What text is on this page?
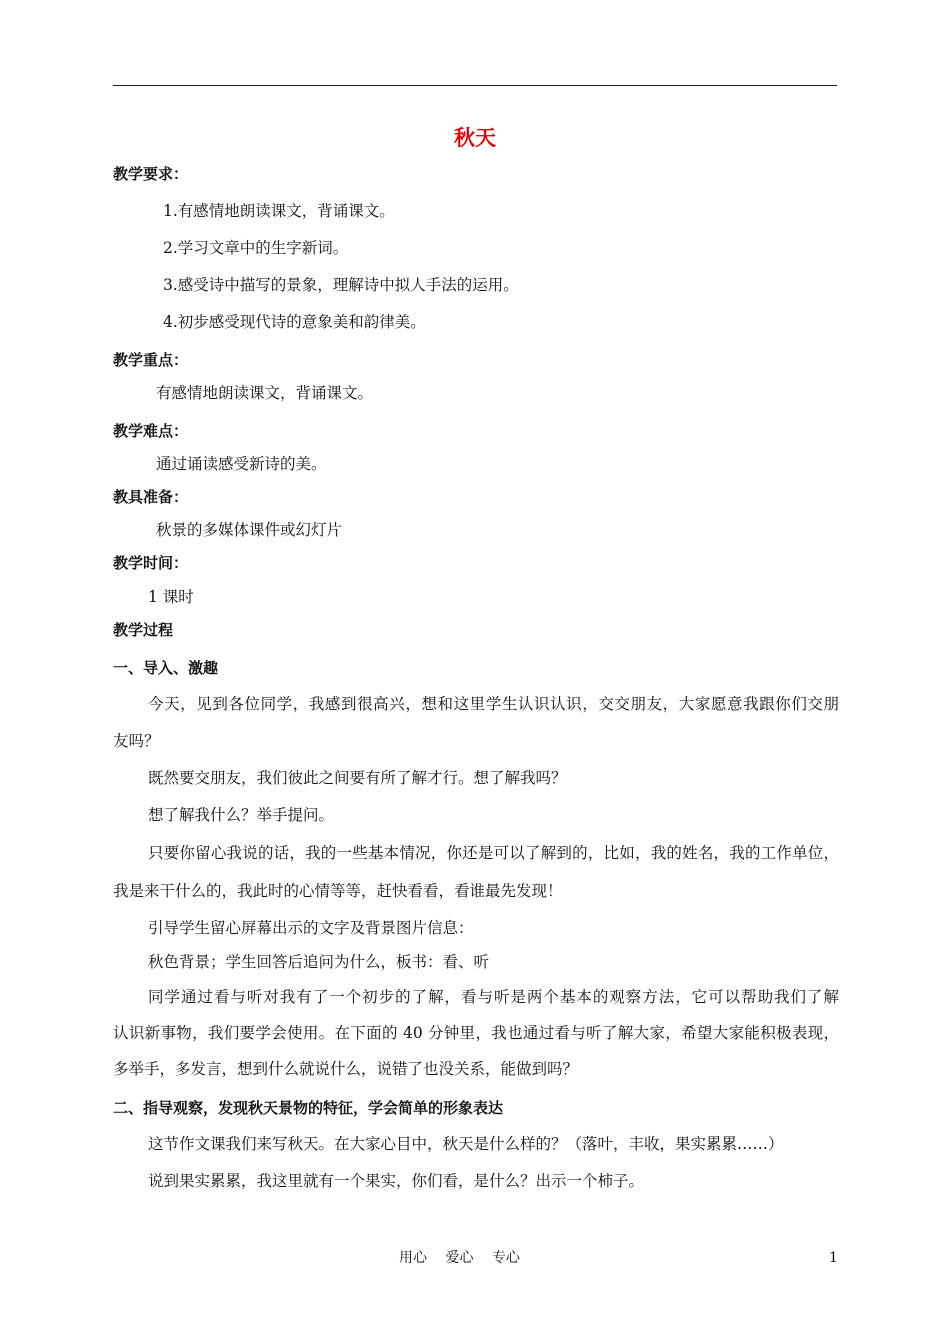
秋天
教学要求：
1.有感情地朗读课文，背诵课文。
2.学习文章中的生字新词。
3.感受诗中描写的景象，理解诗中拟人手法的运用。
4.初步感受现代诗的意象美和韵律美。
教学重点：
有感情地朗读课文，背诵课文。
教学难点：
通过诵读感受新诗的美。
教具准备：
秋景的多媒体课件或幻灯片
教学时间：
1 课时
教学过程
一、导入、激趣
今天，见到各位同学，我感到很高兴，想和这里学生认识认识，交交朋友，大家愿意我跟你们交朋
友吗？
既然要交朋友，我们彼此之间要有所了解才行。想了解我吗？
想了解我什么？举手提问。
只要你留心我说的话，我的一些基本情况，你还是可以了解到的，比如，我的姓名，我的工作单位，
我是来干什么的，我此时的心情等等，赶快看看，看谁最先发现！
引导学生留心屏幕出示的文字及背景图片信息：
秋色背景；学生回答后追问为什么，板书：看、听
同学通过看与听对我有了一个初步的了解，看与听是两个基本的观察方法，它可以帮助我们了解
认识新事物，我们要学会使用。在下面的 40 分钟里，我也通过看与听了解大家，希望大家能积极表现，
多举手，多发言，想到什么就说什么，说错了也没关系，能做到吗？
二、指导观察，发现秋天景物的特征，学会简单的形象表达
这节作文课我们来写秋天。在大家心目中，秋天是什么样的？（落叶，丰收，果实累累……）
说到果实累累，我这里就有一个果实，你们看，是什么？出示一个柿子。
用心　 爱心　 专心	1
